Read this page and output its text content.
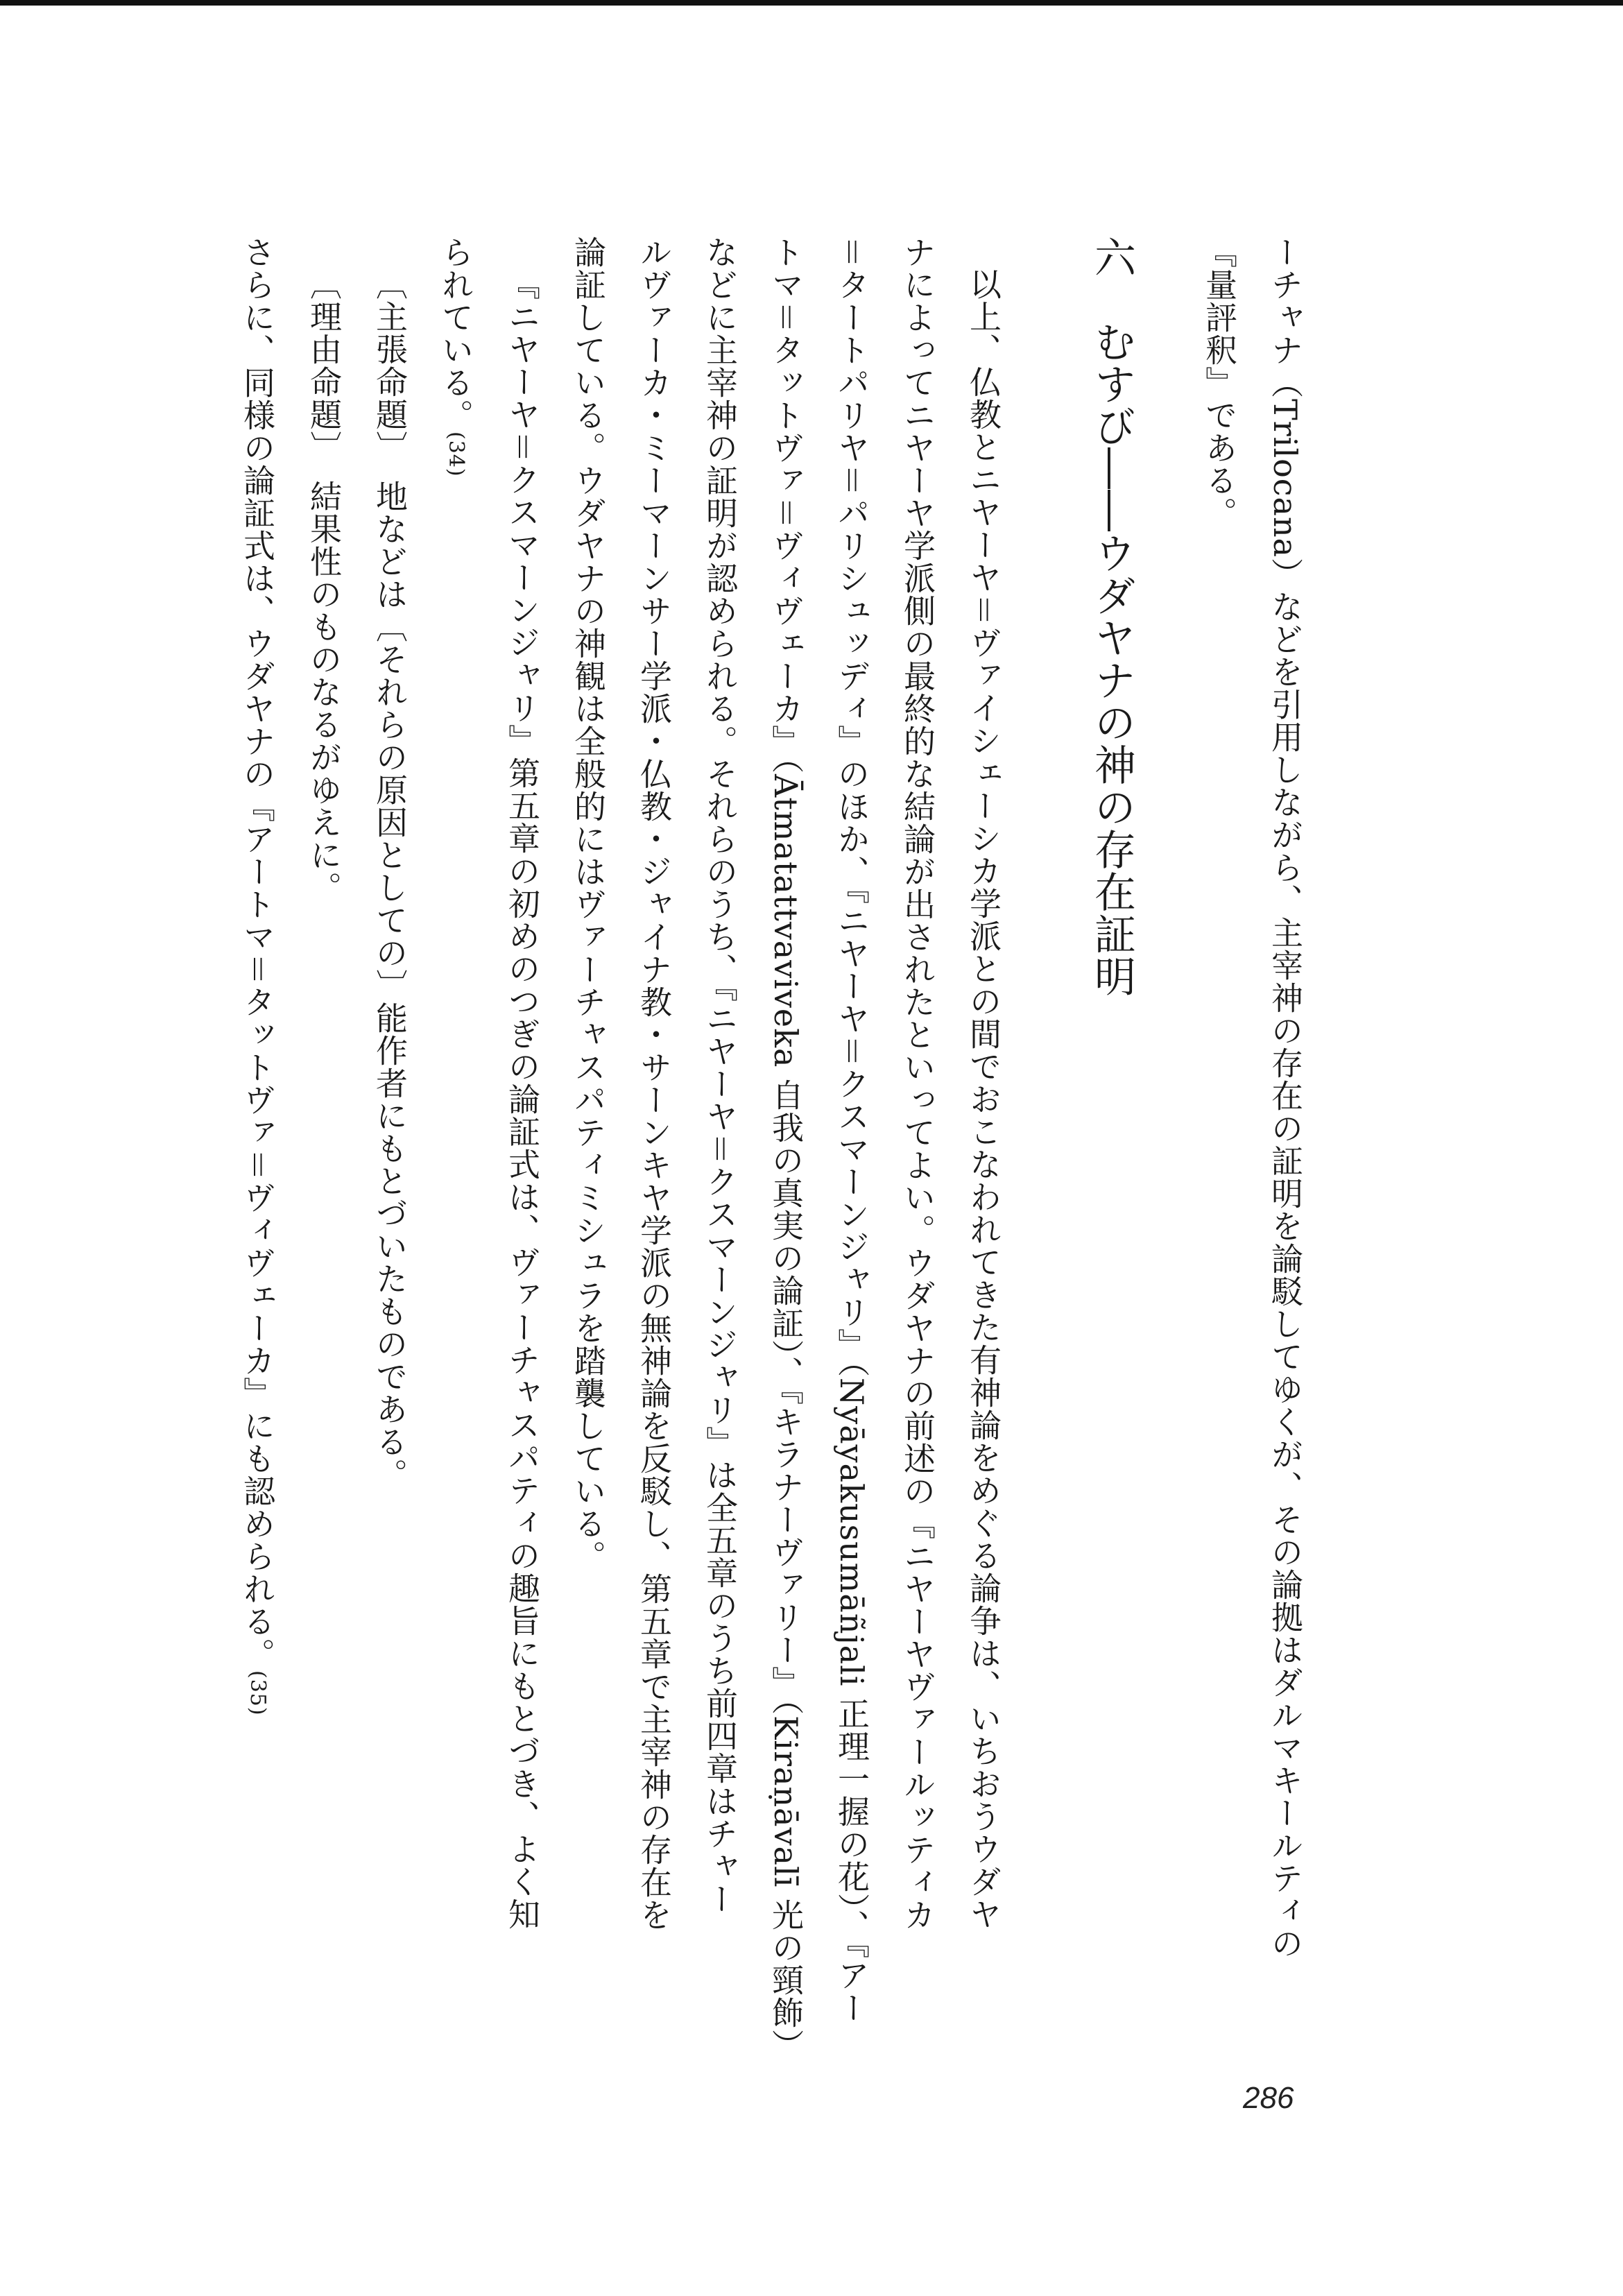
ーチャナ（Trilocana）などを引用しながら、主宰神の存在の証明を論駁してゆくが、その論拠はダルマキールティの
『量評釈』である。
六　むすび――ウダヤナの神の存在証明
以上、仏教とニヤーヤ＝ヴァイシェーシカ学派との間でおこなわれてきた有神論をめぐる論争は、いちおうウダヤ
ナによってニヤーヤ学派側の最終的な結論が出されたといってよい。ウダヤナの前述の『ニヤーヤヴァールッティカ
＝タートパリヤ＝パリシュッディ』のほか、『ニヤーヤ＝クスマーンジャリ』（Nyāyakusumāñjali 正理一握の花）、『アー
トマ＝タットヴァ＝ヴィヴェーカ』（Ātmatattvaviveka 自我の真実の論証）、『キラナーヴァリー』（Kiraṇāvalī 光の頸飾）
などに主宰神の証明が認められる。それらのうち、『ニヤーヤ＝クスマーンジャリ』は全五章のうち前四章はチャー
ルヴァーカ・ミーマーンサー学派・仏教・ジャイナ教・サーンキヤ学派の無神論を反駁し、第五章で主宰神の存在を
論証している。ウダヤナの神観は全般的にはヴァーチャスパティミシュラを踏襲している。
『ニヤーヤ＝クスマーンジャリ』第五章の初めのつぎの論証式は、ヴァーチャスパティの趣旨にもとづき、よく知
られている。(34)
〔主張命題〕　地などは〔それらの原因としての〕能作者にもとづいたものである。
〔理由命題〕　結果性のものなるがゆえに。
さらに、同様の論証式は、ウダヤナの『アートマ＝タットヴァ＝ヴィヴェーカ』にも認められる。(35)
286
